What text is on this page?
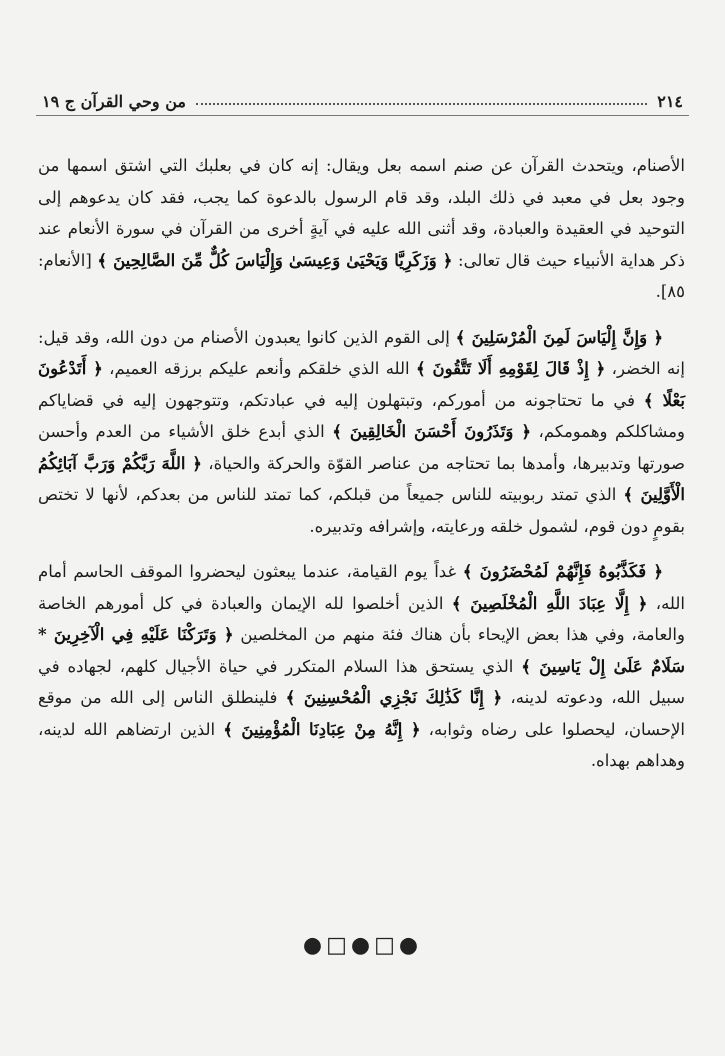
٢١٤
من وحي القرآن ج ١٩

الأصنام، ويتحدث القرآن عن صنم اسمه بعل ويقال: إنه كان في بعلبك التي اشتق اسمها من وجود بعل في معبد في ذلك البلد، وقد قام الرسول بالدعوة كما يجب، فقد كان يدعوهم إلى التوحيد في العقيدة والعبادة، وقد أثنى الله عليه في آيةٍ أخرى من القرآن في سورة الأنعام عند ذكر هداية الأنبياء حيث قال تعالى: ﴿ وَزَكَرِيَّا وَيَحْيَىٰ وَعِيسَىٰ وَإِلْيَاسَ كُلٌّ مِّنَ الصَّالِحِينَ ﴾ [الأنعام: ٨٥].

﴿ وَإِنَّ إِلْيَاسَ لَمِنَ الْمُرْسَلِينَ ﴾ إلى القوم الذين كانوا يعبدون الأصنام من دون الله، وقد قيل: إنه الخضر، ﴿ إِذْ قَالَ لِقَوْمِهِ أَلَا تَتَّقُونَ ﴾ الله الذي خلقكم وأنعم عليكم برزقه العميم، ﴿ أَتَدْعُونَ بَعْلًا ﴾ في ما تحتاجونه من أموركم، وتبتهلون إليه في عبادتكم، وتتوجهون إليه في قضاياكم ومشاكلكم وهمومكم، ﴿ وَتَذَرُونَ أَحْسَنَ الْخَالِقِينَ ﴾ الذي أبدع خلق الأشياء من العدم وأحسن صورتها وتدبيرها، وأمدها بما تحتاجه من عناصر القوّة والحركة والحياة، ﴿ اللَّهَ رَبَّكُمْ وَرَبَّ آبَائِكُمُ الْأَوَّلِينَ ﴾ الذي تمتد ربوبيته للناس جميعاً من قبلكم، كما تمتد للناس من بعدكم، لأنها لا تختص بقومٍ دون قوم، لشمول خلقه ورعايته، وإشرافه وتدبيره.

﴿ فَكَذَّبُوهُ فَإِنَّهُمْ لَمُحْضَرُونَ ﴾ غداً يوم القيامة، عندما يبعثون ليحضروا الموقف الحاسم أمام الله، ﴿ إِلَّا عِبَادَ اللَّهِ الْمُخْلَصِينَ ﴾ الذين أخلصوا لله الإيمان والعبادة في كل أمورهم الخاصة والعامة، وفي هذا بعض الإيحاء بأن هناك فئة منهم من المخلصين ﴿ وَتَرَكْنَا عَلَيْهِ فِي الْآخِرِينَ * سَلَامٌ عَلَىٰ إِلْ يَاسِينَ ﴾ الذي يستحق هذا السلام المتكرر في حياة الأجيال كلهم، لجهاده في سبيل الله، ودعوته لدينه، ﴿ إِنَّا كَذَٰلِكَ نَجْزِي الْمُحْسِنِينَ ﴾ فلينطلق الناس إلى الله من موقع الإحسان، ليحصلوا على رضاه وثوابه، ﴿ إِنَّهُ مِنْ عِبَادِنَا الْمُؤْمِنِينَ ﴾ الذين ارتضاهم الله لدينه، وهداهم بهداه.

●□●□●
